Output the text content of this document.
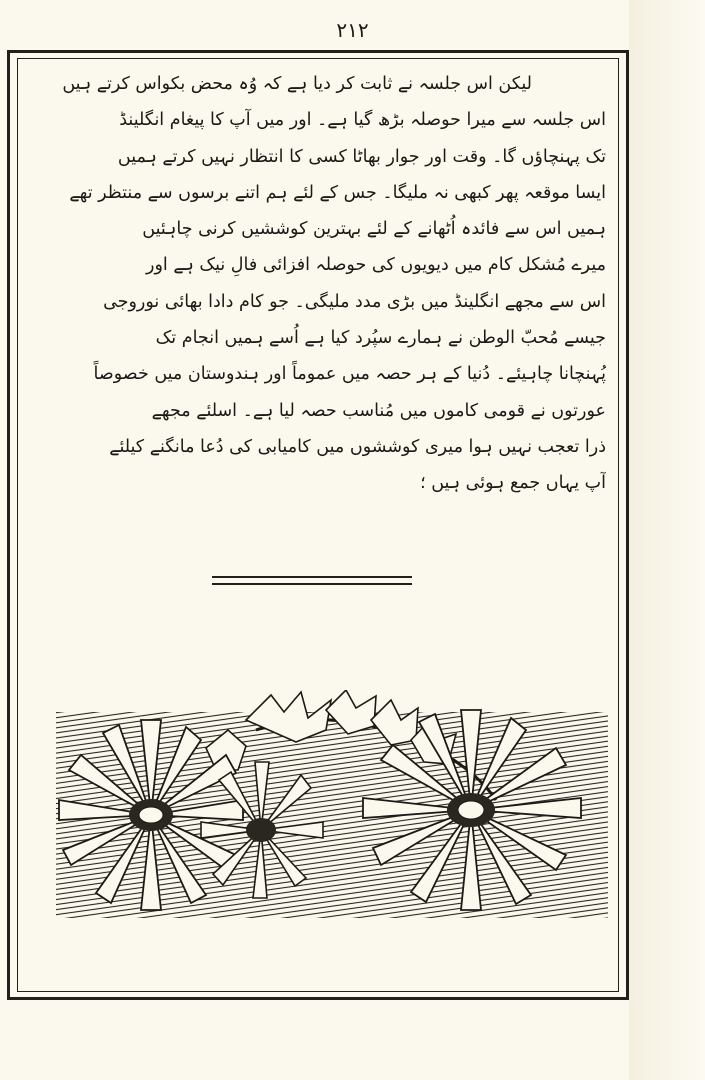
۲۱۲
لیکن اس جلسہ نے ثابت کر دیا ہے کہ وُہ محض بکواس کرتے ہیں
اس جلسہ سے میرا حوصلہ بڑھ گیا ہے۔ اور میں آپ کا پیغام انگلینڈ
تک پہنچاؤں گا۔ وقت اور جوار بھاٹا کسی کا انتظار نہیں کرتے ہمیں
ایسا موقعہ پھر کبھی نہ ملیگا۔ جس کے لئے ہم اتنے برسوں سے منتظر تھے
ہمیں اس سے فائدہ اُٹھانے کے لئے بہترین کوششیں کرنی چاہئیں
میرے مُشکل کام میں دیویوں کی حوصلہ افزائی فالِ نیک ہے اور
اس سے مجھے انگلینڈ میں بڑی مدد ملیگی۔ جو کام دادا بھائی نوروجی
جیسے مُحبّ الوطن نے ہمارے سپُرد کیا ہے اُسے ہمیں انجام تک
پُہنچانا چاہیئے۔ دُنیا کے ہر حصہ میں عموماً اور ہندوستان میں خصوصاً
عورتوں نے قومی کاموں میں مُناسب حصہ لیا ہے۔ اسلئے مجھے
ذرا تعجب نہیں ہوا میری کوششوں میں کامیابی کی دُعا مانگنے کیلئے
آپ یہاں جمع ہوئی ہیں ؛
